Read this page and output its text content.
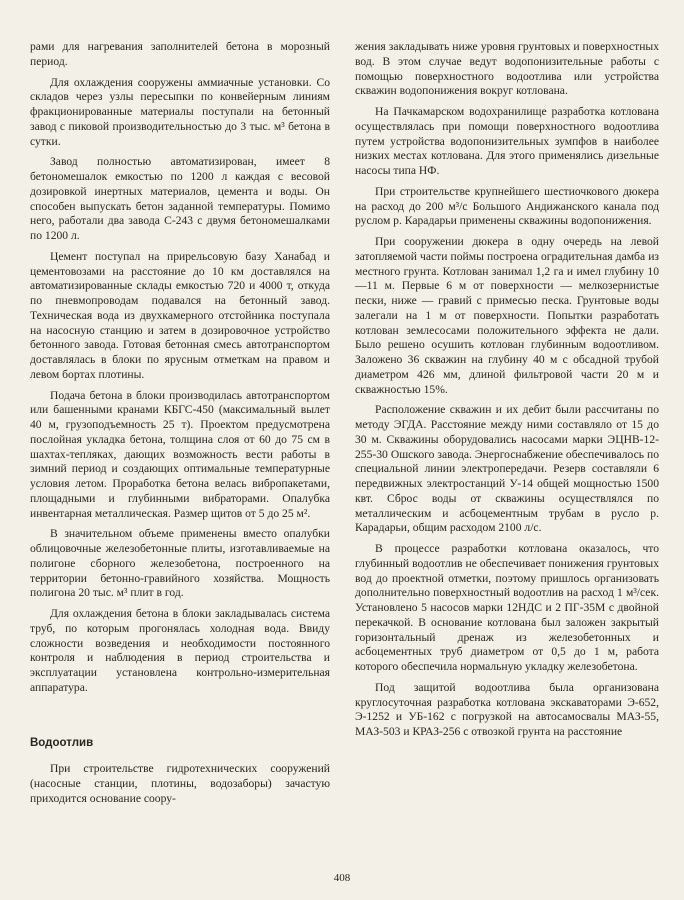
рами для нагревания заполнителей бетона в морозный период.

Для охлаждения сооружены аммиачные установки. Со складов через узлы пересыпки по конвейерным линиям фракционированные материалы поступали на бетонный завод с пиковой производительностью до 3 тыс. м³ бетона в сутки.

Завод полностью автоматизирован, имеет 8 бетономешалок емкостью по 1200 л каждая с весовой дозировкой инертных материалов, цемента и воды. Он способен выпускать бетон заданной температуры. Помимо него, работали два завода С-243 с двумя бетономешалками по 1200 л.

Цемент поступал на прирельсовую базу Ханабад и цементовозами на расстояние до 10 км доставлялся на автоматизированные склады емкостью 720 и 4000 т, откуда по пневмопроводам подавался на бетонный завод. Техническая вода из двухкамерного отстойника поступала на насосную станцию и затем в дозировочное устройство бетонного завода. Готовая бетонная смесь автотранспортом доставлялась в блоки по ярусным отметкам на правом и левом бортах плотины.

Подача бетона в блоки производилась автотранспортом или башенными кранами КБГС-450 (максимальный вылет 40 м, грузоподъемность 25 т). Проектом предусмотрена послойная укладка бетона, толщина слоя от 60 до 75 см в шахтах-тепляках, дающих возможность вести работы в зимний период и создающих оптимальные температурные условия летом. Проработка бетона велась вибропакетами, площадными и глубинными вибраторами. Опалубка инвентарная металлическая. Размер щитов от 5 до 25 м².

В значительном объеме применены вместо опалубки облицовочные железобетонные плиты, изготавливаемые на полигоне сборного железобетона, построенного на территории бетонно-гравийного хозяйства. Мощность полигона 20 тыс. м³ плит в год.

Для охлаждения бетона в блоки закладывалась система труб, по которым прогонялась холодная вода. Ввиду сложности возведения и необходимости постоянного контроля и наблюдения в период строительства и эксплуатации установлена контрольно-измерительная аппаратура.

Водоотлив

При строительстве гидротехнических сооружений (насосные станции, плотины, водозаборы) зачастую приходится основание соору-

жения закладывать ниже уровня грунтовых и поверхностных вод. В этом случае ведут водопонизительные работы с помощью поверхностного водоотлива или устройства скважин водопонижения вокруг котлована.

На Пачкамарском водохранилище разработка котлована осуществлялась при помощи поверхностного водоотлива путем устройства водопонизительных зумпфов в наиболее низких местах котлована. Для этого применялись дизельные насосы типа НФ.

При строительстве крупнейшего шестиочкового дюкера на расход до 200 м³/с Большого Андижанского канала под руслом р. Карадарьи применены скважины водопонижения.

При сооружении дюкера в одну очередь на левой затопляемой части поймы построена оградительная дамба из местного грунта. Котлован занимал 1,2 га и имел глубину 10—11 м. Первые 6 м от поверхности — мелкозернистые пески, ниже — гравий с примесью песка. Грунтовые воды залегали на 1 м от поверхности. Попытки разработать котлован землесосами положительного эффекта не дали. Было решено осушить котлован глубинным водоотливом. Заложено 36 скважин на глубину 40 м с обсадной трубой диаметром 426 мм, длиной фильтровой части 20 м и скважностью 15%.

Расположение скважин и их дебит были рассчитаны по методу ЭГДА. Расстояние между ними составляло от 15 до 30 м. Скважины оборудовались насосами марки ЭЦНВ-12-255-30 Ошского завода. Энергоснабжение обеспечивалось по специальной линии электропередачи. Резерв составляли 6 передвижных электростанций У-14 общей мощностью 1500 квт. Сброс воды от скважины осуществлялся по металлическим и асбоцементным трубам в русло р. Карадарьи, общим расходом 2100 л/с.

В процессе разработки котлована оказалось, что глубинный водоотлив не обеспечивает понижения грунтовых вод до проектной отметки, поэтому пришлось организовать дополнительно поверхностный водоотлив на расход 1 м³/сек. Установлено 5 насосов марки 12НДС и 2 ПГ-35М с двойной перекачкой. В основание котлована был заложен закрытый горизонтальный дренаж из железобетонных и асбоцементных труб диаметром от 0,5 до 1 м, работа которого обеспечила нормальную укладку железобетона.

Под защитой водоотлива была организована круглосуточная разработка котлована экскаваторами Э-652, Э-1252 и УБ-162 с погрузкой на автосамосвалы МАЗ-55, МАЗ-503 и КРАЗ-256 с отвозкой грунта на расстояние

408
